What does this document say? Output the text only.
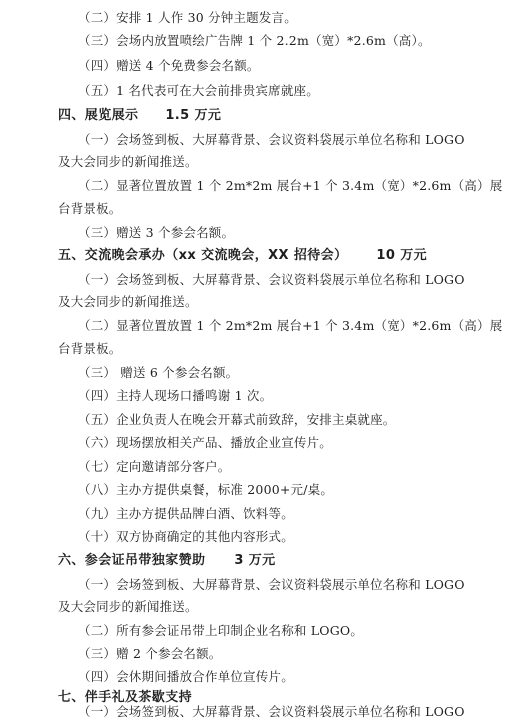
（二）安排 1 人作 30 分钟主题发言。
（三）会场内放置喷绘广告牌 1 个 2.2m（宽）*2.6m（高）。
（四）赠送 4 个免费参会名额。
（五）1 名代表可在大会前排贵宾席就座。
四、展览展示 1.5 万元
（一）会场签到板、大屏幕背景、会议资料袋展示单位名称和 LOGO
及大会同步的新闻推送。
（二）显著位置放置 1 个 2m*2m 展台+1 个 3.4m（宽）*2.6m（高）展
台背景板。
（三）赠送 3 个参会名额。
五、交流晚会承办（xx 交流晚会，XX 招待会） 10 万元
（一）会场签到板、大屏幕背景、会议资料袋展示单位名称和 LOGO
及大会同步的新闻推送。
（二）显著位置放置 1 个 2m*2m 展台+1 个 3.4m（宽）*2.6m（高）展
台背景板。
（三） 赠送 6 个参会名额。
（四）主持人现场口播鸣谢 1 次。
（五）企业负责人在晚会开幕式前致辞，安排主桌就座。
（六）现场摆放相关产品、播放企业宣传片。
（七）定向邀请部分客户。
（八）主办方提供桌餐，标准 2000+元/桌。
（九）主办方提供品牌白酒、饮料等。
（十）双方协商确定的其他内容形式。
六、参会证吊带独家赞助 3 万元
（一）会场签到板、大屏幕背景、会议资料袋展示单位名称和 LOGO
及大会同步的新闻推送。
（二）所有参会证吊带上印制企业名称和 LOGO。
（三）赠 2 个参会名额。
（四）会休期间播放合作单位宣传片。
七、伴手礼及茶歇支持
（一）会场签到板、大屏幕背景、会议资料袋展示单位名称和 LOGO
